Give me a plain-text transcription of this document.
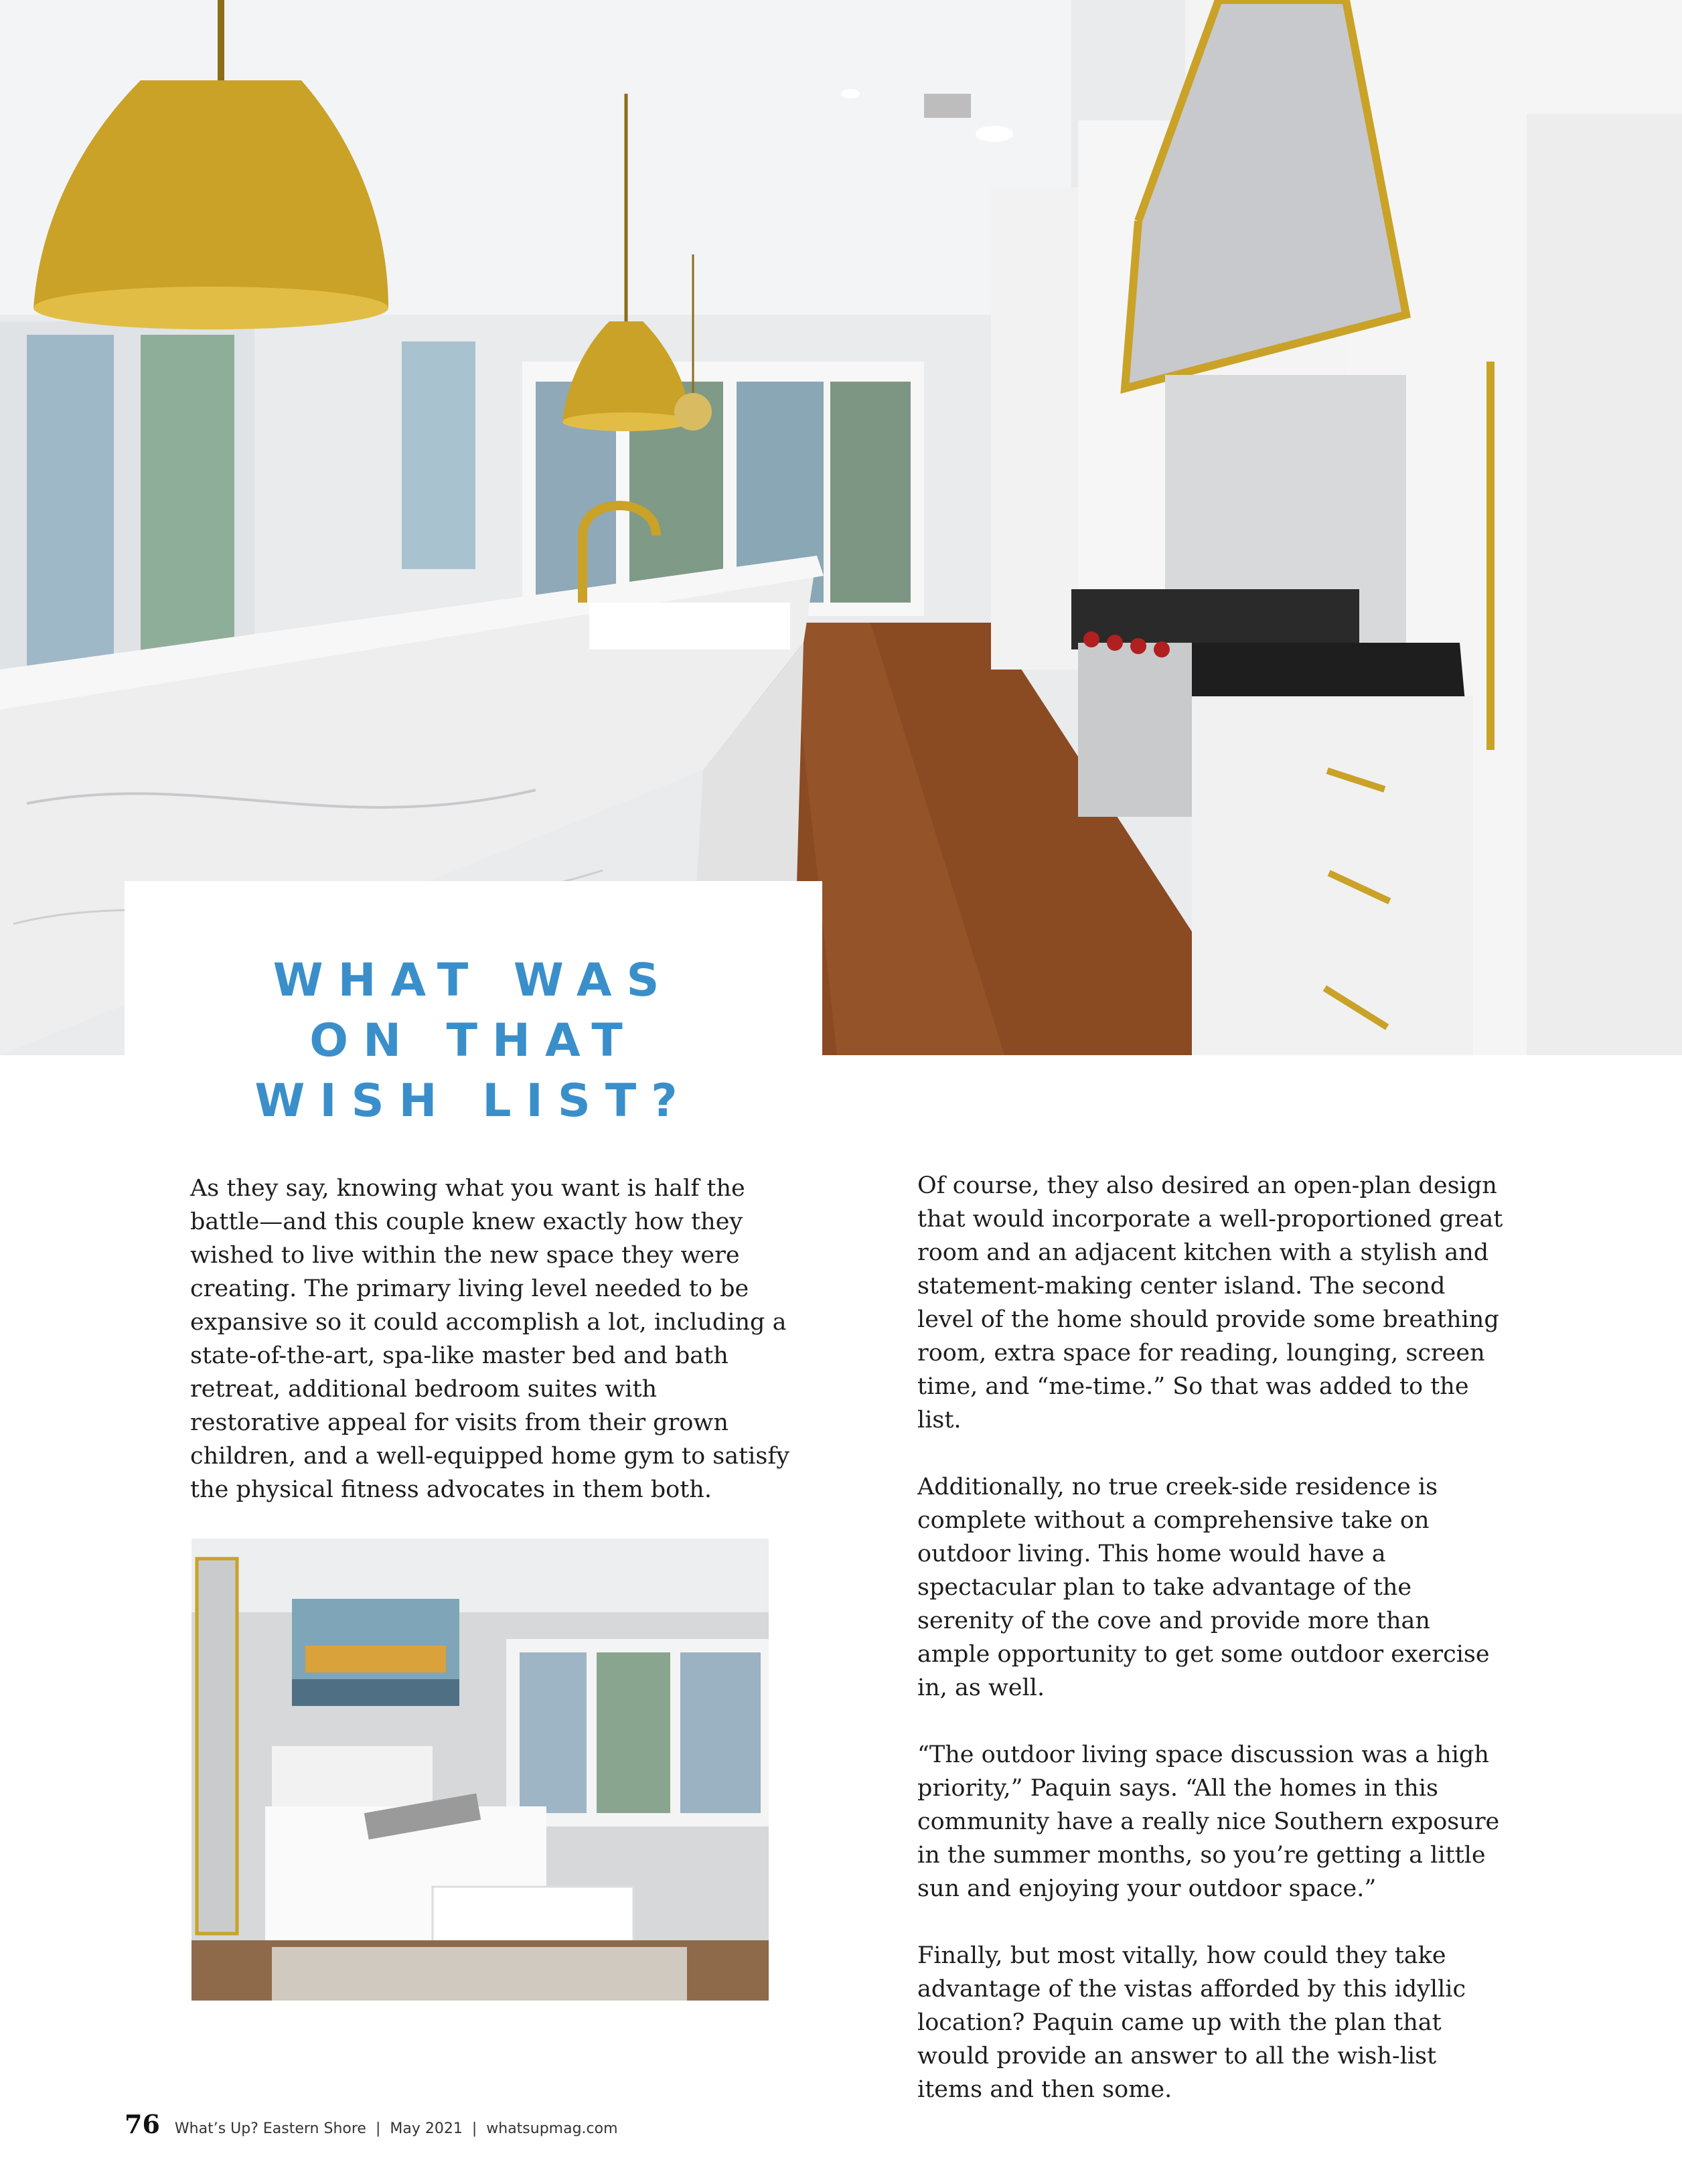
WHAT WAS
ON THAT
WISH LIST?

As they say, knowing what you want is half the battle—and this couple knew exactly how they wished to live within the new space they were creating. The primary living level needed to be expansive so it could accomplish a lot, including a state-of-the-art, spa-like master bed and bath retreat, additional bedroom suites with restorative appeal for visits from their grown children, and a well-equipped home gym to satisfy the physical fitness advocates in them both.

Of course, they also desired an open-plan design that would incorporate a well-proportioned great room and an adjacent kitchen with a stylish and statement-making center island. The second level of the home should provide some breathing room, extra space for reading, lounging, screen time, and “me-time.” So that was added to the list.

Additionally, no true creek-side residence is complete without a comprehensive take on outdoor living. This home would have a spectacular plan to take advantage of the serenity of the cove and provide more than ample opportunity to get some outdoor exercise in, as well.

“The outdoor living space discussion was a high priority,” Paquin says. “All the homes in this community have a really nice Southern exposure in the summer months, so you’re getting a little sun and enjoying your outdoor space.”

Finally, but most vitally, how could they take advantage of the vistas afforded by this idyllic location? Paquin came up with the plan that would provide an answer to all the wish-list items and then some.

76 What’s Up? Eastern Shore | May 2021 | whatsupmag.com
